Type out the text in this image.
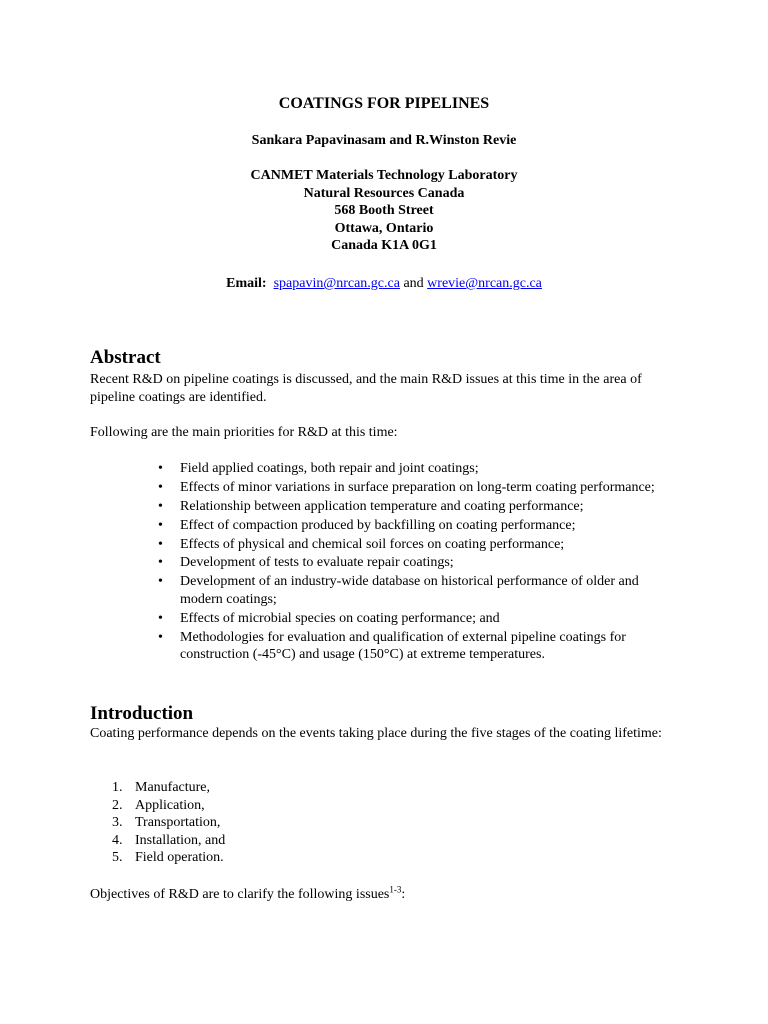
COATINGS FOR PIPELINES
Sankara Papavinasam and R.Winston Revie
CANMET Materials Technology Laboratory
Natural Resources Canada
568 Booth Street
Ottawa, Ontario
Canada K1A 0G1
Email: spapavin@nrcan.gc.ca and wrevie@nrcan.gc.ca
Abstract
Recent R&D on pipeline coatings is discussed, and the main R&D issues at this time in the area of pipeline coatings are identified.
Following are the main priorities for R&D at this time:
• Field applied coatings, both repair and joint coatings;
• Effects of minor variations in surface preparation on long-term coating performance;
• Relationship between application temperature and coating performance;
• Effect of compaction produced by backfilling on coating performance;
• Effects of physical and chemical soil forces on coating performance;
• Development of tests to evaluate repair coatings;
• Development of an industry-wide database on historical performance of older and modern coatings;
• Effects of microbial species on coating performance; and
• Methodologies for evaluation and qualification of external pipeline coatings for construction (-45°C) and usage (150°C) at extreme temperatures.
Introduction
Coating performance depends on the events taking place during the five stages of the coating lifetime:
1. Manufacture,
2. Application,
3. Transportation,
4. Installation, and
5. Field operation.
Objectives of R&D are to clarify the following issues$^{1-3}$:
